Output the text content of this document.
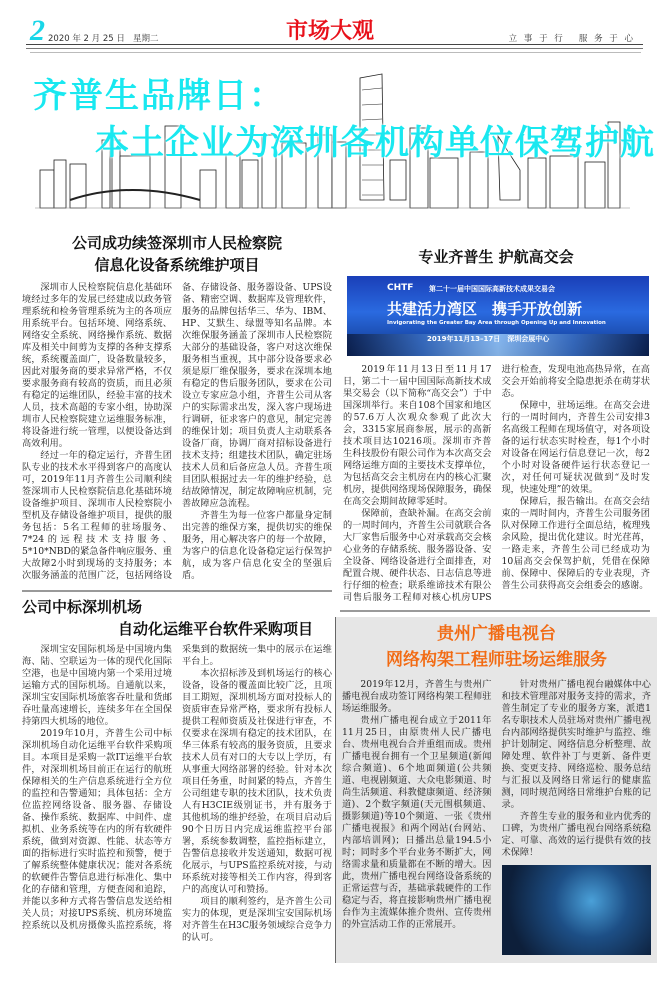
2 2020 年 2 月 25 日   星期二	市场大观	立 事 于 行   服 务 于 心
齐普生品牌日：
本土企业为深圳各机构单位保驾护航
公司成功续签深圳市人民检察院
信息化设备系统维护项目

深圳市人民检察院信息化基础环境经过多年的发展已经建成以政务管理系统和检务管理系统为主的各项应用系统平台。包括环境、网络系统、网络安全系统、网络操作系统、数据库及相关中间剪为支撑的各种支撑系统，系统覆盖面广，设备数量较多，因此对服务商的要求异常严格，不仅要求服务商有较高的资质，而且必须有稳定的运维团队，经验丰富的技术人员，技术高超的专家小组，协助深圳市人民检察院建立运维服务标准，将设备进行统一管理，以便设备达到高效利用。

经过一年的稳定运行，齐普生团队专业的技术水平得到客户的高度认可，2019年11月齐普生公司顺利续签深圳市人民检察院信息化基础环境设备维护项目、深圳市人民检察院小型机及存储设备维护项目，提供的服务包括：5名工程师的驻场服务、7*24的远程技术支持服务、5*10*NBD的紧急备件响应服务、重大故障2小时到现场的支持服务；本次服务涵盖的范围广泛，包括网络设备、存储设备、服务器设备、UPS设备、精密空调、数据库及管理软件，服务的品牌包括华三、华为、IBM、HP、艾默生、绿盟等知名品牌。本次维保服务涵盖了深圳市人民检察院大部分的基础设备，客户对这次维保服务相当重视，其中部分设备要求必须是原厂维保服务，要求在深圳本地有稳定的售后服务团队，要求在公司设立专家应急小组，齐普生公司从客户的实际需求出发，深入客户现场进行调研，征求客户的意见，制定完善的维保计划；项目负责人主动联系各设备厂商，协调厂商对招标设备进行技术支持；组建技术团队，确定驻场技术人员和后备应急人员。齐普生项目团队根据过去一年的维护经验，总结故障情况，制定故障响应机制，完善故障应急流程。

齐普生为每一位客户都量身定制出完善的维保方案，提供切实的维保服务，用心解决客户的每一个故障，为客户的信息化设备稳定运行保驾护航，成为客户信息化安全的坚强后盾。

公司中标深圳机场
自动化运维平台软件采购项目

深圳宝安国际机场是中国境内集海、陆、空联运为一体的现代化国际空港，也是中国境内第一个采用过境运输方式的国际机场。自通航以来，深圳宝安国际机场旅客吞吐量和货邮吞吐量高速增长，连续多年在全国保持第四大机场的地位。

2019年10月，齐普生公司中标深圳机场自动化运维平台软件采购项目。本项目是采购一款IT运维平台软件，对深圳机场目前正在运行的航班保障相关的生产信息系统进行全方位的监控和告警通知；具体包括：全方位监控网络设备、服务器、存储设备、操作系统、数据库、中间件、虚拟机、业务系统等在内的所有软硬件系统，做到对资源、性能、状态等方面的指标进行实时监控和预警，便于了解系统整体健康状况；能对各系统的软硬件告警信息进行标准化、集中化的存储和管理，方便查阅和追踪，并能以多种方式将告警信息发送给相关人员；对接UPS系统、机房环境监控系统以及机房摄像头监控系统，将采集到的数据统一集中的展示在运维平台上。

本次招标涉及到机场运行的核心设备，设备的覆盖面比较广泛，且项目工期短，深圳机场方面对投标人的资质审查异常严格，要求所有投标人提供工程师资质及社保进行审查，不仅要求在深圳有稳定的技术团队，在华三体系有较高的服务资质，且要求技术人员有对口的大专以上学历，有从事重大网络部署的经验。针对本次项目任务重，时间紧的特点，齐普生公司组建专职的技术团队，技术负责人有H3CIE级别证书，并有服务于其他机场的维护经验，在项目启动后90个日历日内完成运维监控平台部署，系统参数调整，监控指标建立，告警信息接收并发送通知，数据可视化展示，与UPS监控系统对接，与动环系统对接等相关工作内容，得到客户的高度认可和赞扬。

项目的顺利签约，是齐普生公司实力的体现，更是深圳宝安国际机场对齐普生在H3C服务领域综合竞争力的认可。

专业齐普生 护航高交会
CHTF 第二十一届中国国际高新技术成果交易会
共建活力湾区　携手开放创新
Invigorating the Greater Bay Area through Opening Up and Innovation
2019年11月13–17日　深圳会展中心

2019年11月13日至11月17日，第二十一届中国国际高新技术成果交易会（以下简称“高交会”）于中国深圳举行。来自108个国家和地区的57.6万人次观众参观了此次大会，3315家展商参展，展示的高新技术项目达10216项。深圳市齐普生科技股份有限公司作为本次高交会网络运维方面的主要技术支撑单位，为包括高交会主机房在内的核心汇聚机房，提供网络现场保障服务，确保在高交会期间故障零延时。

保障前，查缺补漏。在高交会前的一周时间内，齐普生公司就联合各大厂家售后服务中心对承载高交会核心业务的存储系统、服务器设备、安全设备、网络设备进行全面排查，对配置合规、硬件状态、日志信息等进行仔细的检查；联系维谛技术有限公司售后服务工程师对核心机房UPS进行检查，发现电池高热异常，在高交会开始前将安全隐患扼杀在萌芽状态。

保障中，驻场运维。在高交会进行的一周时间内，齐普生公司安排3名高级工程师在现场值守，对各项设备的运行状态实时检查，每1个小时对设备在网运行信息登记一次，每2个小时对设备硬件运行状态登记一次，对任何可疑状况做到“及时发现，快速处理”的效果。

保障后，报告输出。在高交会结束的一周时间内，齐普生公司服务团队对保障工作进行全面总结，梳理残余风险，提出优化建议。时光荏苒，一路走来，齐普生公司已经成功为10届高交会保驾护航，凭借在保障前、保障中、保障后的专业表现，齐普生公司获得高交会组委会的感谢。

贵州广播电视台
网络构架工程师驻场运维服务

2019年12月，齐普生与贵州广播电视台成功签订网络构架工程师驻场运维服务。

贵州广播电视台成立于2011年11月25日，由原贵州人民广播电台、贵州电视台合并重组而成。贵州广播电视台拥有一个卫星频道(新闻综合频道)、6个地面频道(公共频道、电视剧频道、大众电影频道、时尚生活频道、科教健康频道、经济频道)、2个数字频道(天元围棋频道、摄影频道)等10个频道、一张《贵州广播电视报》和两个网站(台网站、内部培训网)；日播出总量194.5小时；同时多个平台业务不断扩大，网络需求量和质量都在不断的增大。因此，贵州广播电视台网络设备系统的正常运营与否，基础承载硬件的工作稳定与否，将直接影响贵州广播电视台作为主流媒体推介贵州、宣传贵州的外宣活动工作的正常展开。

针对贵州广播电视台融媒体中心和技术管理部对服务支持的需求，齐普生制定了专业的服务方案，派遣1名专职技术人员驻场对贵州广播电视台内部网络提供实时维护与监控、维护计划制定、网络信息分析整理、故障处理、软件补丁与更新、备件更换、变更支持、网络巡检、服务总结与汇报以及网络日常运行的健康监测，同时规范网络日常维护台账的记录。

齐普生专业的服务和业内优秀的口碑，为贵州广播电视台网络系统稳定、可靠、高效的运行提供有效的技术保障！
